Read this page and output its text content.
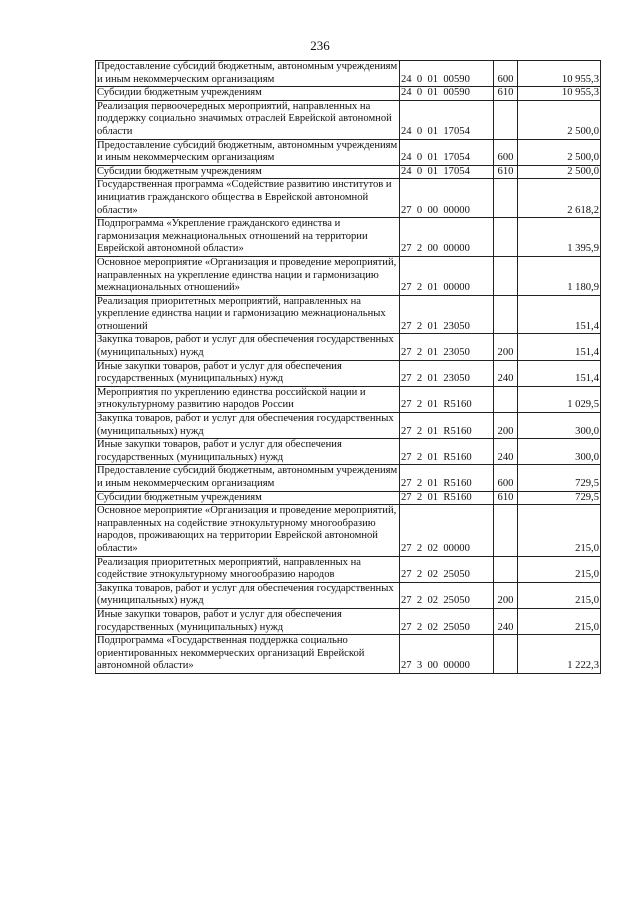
236
Предоставление субсидий бюджетным, автономным учреждениям и иным некоммерческим организациям	24  0  01  00590	600	10 955,3
Субсидии бюджетным учреждениям	24  0  01  00590	610	10 955,3
Реализация первоочередных мероприятий, направленных на поддержку социально значимых отраслей Еврейской автономной области	24  0  01  17054		2 500,0
Предоставление субсидий бюджетным, автономным учреждениям и иным некоммерческим организациям	24  0  01  17054	600	2 500,0
Субсидии бюджетным учреждениям	24  0  01  17054	610	2 500,0
Государственная программа «Содействие развитию институтов и инициатив гражданского общества в Еврейской автономной области»	27  0  00  00000		2 618,2
Подпрограмма «Укрепление гражданского единства и гармонизация межнациональных отношений на территории Еврейской автономной области»	27  2  00  00000		1 395,9
Основное мероприятие «Организация и проведение мероприятий, направленных на укрепление единства нации и гармонизацию межнациональных отношений»	27  2  01  00000		1 180,9
Реализация приоритетных мероприятий, направленных на укрепление единства нации и гармонизацию межнациональных отношений	27  2  01  23050		151,4
Закупка товаров, работ и услуг для обеспечения государственных (муниципальных) нужд	27  2  01  23050	200	151,4
Иные закупки товаров, работ и услуг для обеспечения государственных (муниципальных) нужд	27  2  01  23050	240	151,4
Мероприятия по укреплению единства российской нации и этнокультурному развитию народов России	27  2  01  R5160		1 029,5
Закупка товаров, работ и услуг для обеспечения государственных (муниципальных) нужд	27  2  01  R5160	200	300,0
Иные закупки товаров, работ и услуг для обеспечения государственных (муниципальных) нужд	27  2  01  R5160	240	300,0
Предоставление субсидий бюджетным, автономным учреждениям и иным некоммерческим организациям	27  2  01  R5160	600	729,5
Субсидии бюджетным учреждениям	27  2  01  R5160	610	729,5
Основное мероприятие «Организация и проведение мероприятий, направленных на содействие этнокультурному многообразию народов, проживающих на территории Еврейской автономной области»	27  2  02  00000		215,0
Реализация приоритетных мероприятий, направленных на содействие этнокультурному многообразию народов	27  2  02  25050		215,0
Закупка товаров, работ и услуг для обеспечения государственных (муниципальных) нужд	27  2  02  25050	200	215,0
Иные закупки товаров, работ и услуг для обеспечения государственных (муниципальных) нужд	27  2  02  25050	240	215,0
Подпрограмма «Государственная поддержка социально ориентированных некоммерческих организаций Еврейской автономной области»	27  3  00  00000		1 222,3
